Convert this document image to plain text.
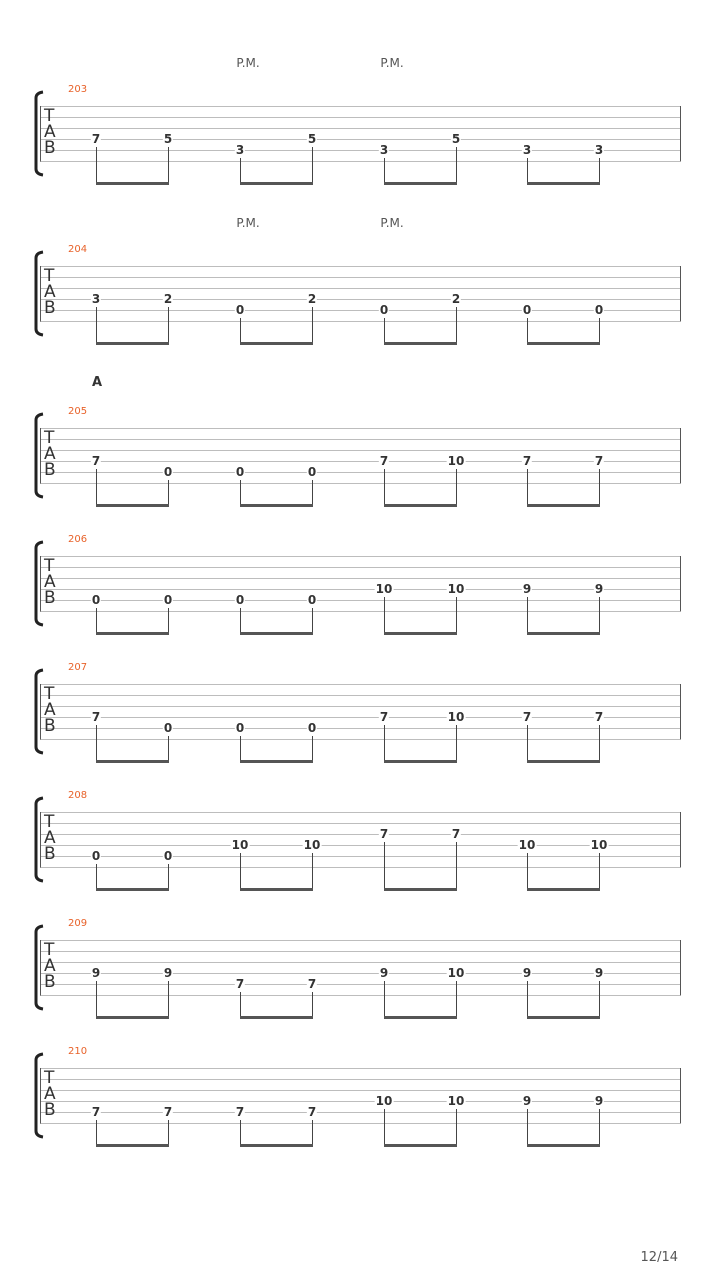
P.M.	P.M.
203
T
A
B	7	5
3
5
3
5
3	3
P.M.	P.M.
204
T
A
B	3	2
0
2
0
2
0	0
A
205
T
A
B	7
0	0	0
7	10	7	7
206
T
A
B	0	0	0	0
10	10	9	9
207
T
A
B	7
0	0	0
7	10	7	7
208
T
A
B	0	0
10	10
7	7
10	10
209
T
A
B	9	9
7	7
9	10	9	9
210
T
A
B	7	7	7	7
10	10	9	9
12/14
